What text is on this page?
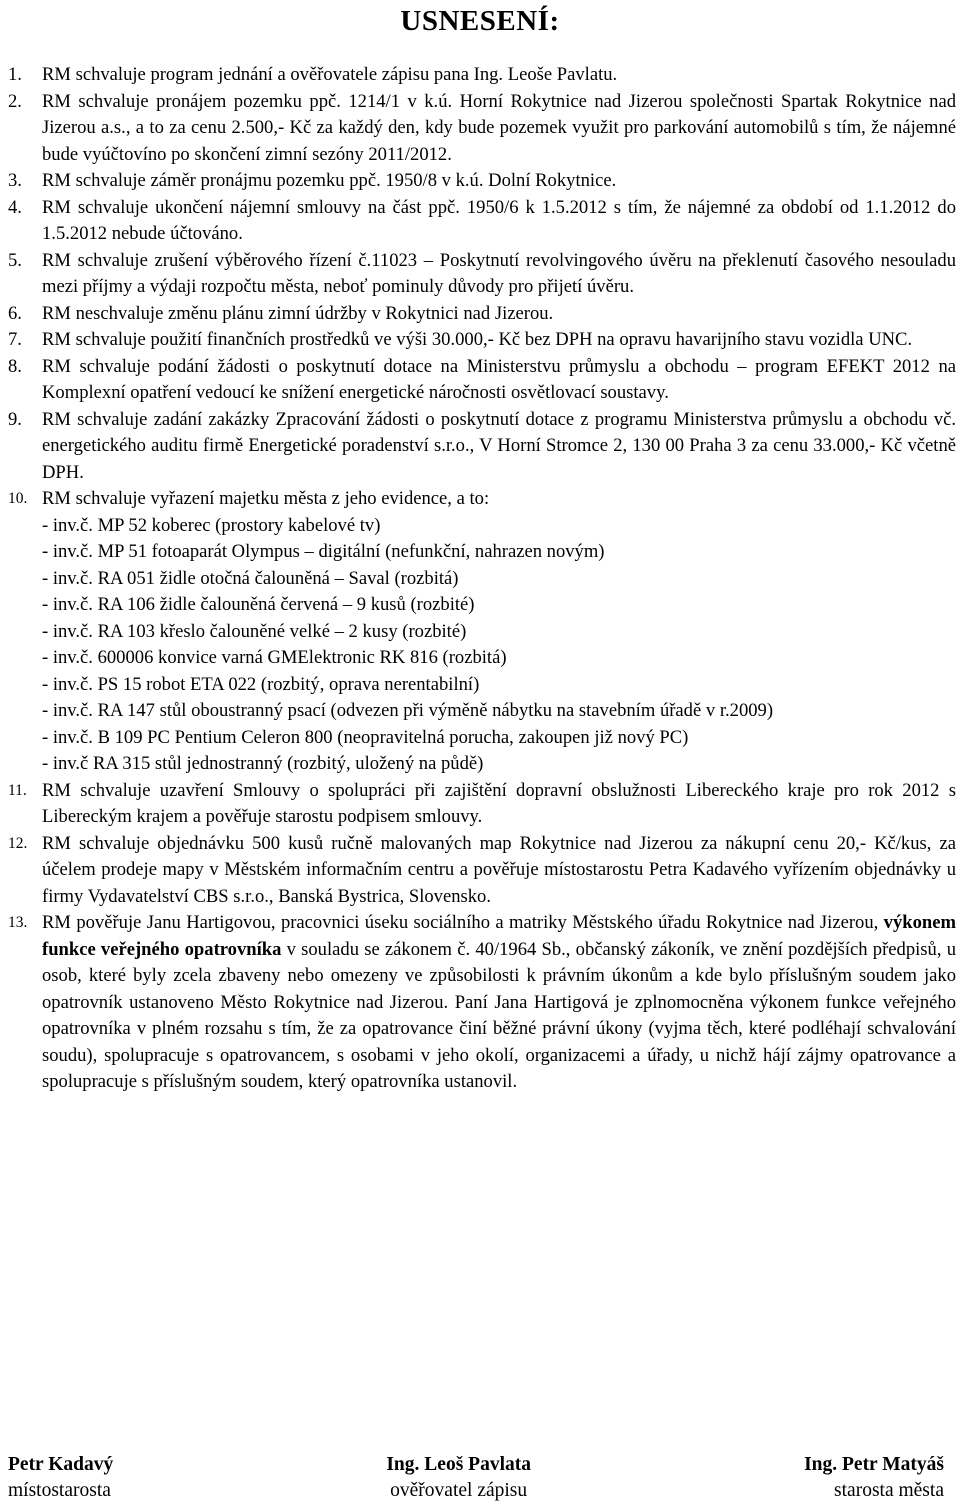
USNESENÍ:
1.	RM schvaluje program jednání a ověřovatele zápisu pana Ing. Leoše Pavlatu.
2.	RM schvaluje pronájem pozemku ppč. 1214/1 v k.ú. Horní Rokytnice nad Jizerou společnosti Spartak Rokytnice nad Jizerou a.s., a to za cenu 2.500,- Kč za každý den, kdy bude pozemek využit pro parkování automobilů s tím, že nájemné bude vyúčtovíno po skončení zimní sezóny 2011/2012.
3.	RM schvaluje záměr pronájmu pozemku ppč. 1950/8 v k.ú. Dolní Rokytnice.
4.	RM schvaluje ukončení nájemní smlouvy na část ppč. 1950/6 k 1.5.2012 s tím, že nájemné za období od 1.1.2012 do 1.5.2012 nebude účtováno.
5.	RM schvaluje zrušení výběrového řízení č.11023 – Poskytnutí revolvingového úvěru na překlenutí časového nesouladu mezi příjmy a výdaji rozpočtu města, neboť pominuly důvody pro přijetí úvěru.
6.	RM neschvaluje změnu plánu zimní údržby v Rokytnici nad Jizerou.
7.	RM schvaluje použití finančních prostředků ve výši 30.000,- Kč bez DPH na opravu havarijního stavu vozidla UNC.
8.	RM schvaluje podání žádosti o poskytnutí dotace na Ministerstvu průmyslu a obchodu – program EFEKT 2012 na Komplexní opatření vedoucí ke snížení energetické náročnosti osvětlovací soustavy.
9.	RM schvaluje zadání zakázky Zpracování žádosti o poskytnutí dotace z programu Ministerstva průmyslu a obchodu vč. energetického auditu firmě Energetické poradenství s.r.o., V Horní Stromce 2, 130 00 Praha 3 za cenu 33.000,- Kč včetně DPH.
10. RM schvaluje vyřazení majetku města z jeho evidence, a to:
- inv.č. MP 52 koberec (prostory kabelové tv)
- inv.č. MP 51 fotoaparát Olympus – digitální (nefunkční, nahrazen novým)
- inv.č. RA 051 židle otočná čalouněná – Saval (rozbitá)
- inv.č. RA 106 židle čalouněná červená – 9 kusů (rozbité)
- inv.č. RA 103 křeslo čalouněné velké – 2 kusy (rozbité)
- inv.č. 600006 konvice varná GMElektronic RK 816 (rozbitá)
- inv.č. PS 15 robot ETA 022 (rozbitý, oprava nerentabilní)
- inv.č. RA 147 stůl oboustranný psací (odvezen při výměně nábytku na stavebním úřadě v r.2009)
- inv.č. B 109 PC Pentium Celeron 800 (neopravitelná porucha, zakoupen již nový PC)
- inv.č RA 315 stůl jednostranný (rozbitý, uložený na půdě)
11. RM schvaluje uzavření Smlouvy o spolupráci při zajištění dopravní obslužnosti Libereckého kraje pro rok 2012 s Libereckým krajem a pověřuje starostu podpisem smlouvy.
12. RM schvaluje objednávku 500 kusů ručně malovaných map Rokytnice nad Jizerou za nákupní cenu 20,- Kč/kus, za účelem prodeje mapy v Městském informačním centru a pověřuje místostarostu Petra Kadavého vyřízením objednávky u firmy Vydavatelství CBS s.r.o., Banská Bystrica, Slovensko.
13. RM pověřuje Janu Hartigovou, pracovnici úseku sociálního a matriky Městského úřadu Rokytnice nad Jizerou, výkonem funkce veřejného opatrovníka v souladu se zákonem č. 40/1964 Sb., občanský zákoník, ve znění pozdějších předpisů, u osob, které byly zcela zbaveny nebo omezeny ve způsobilosti k právním úkonům a kde bylo příslušným soudem jako opatrovník ustanoveno Město Rokytnice nad Jizerou. Paní Jana Hartigová je zplnomocněna výkonem funkce veřejného opatrovníka v plném rozsahu s tím, že za opatrovance činí běžné právní úkony (vyjma těch, které podléhají schvalování soudu), spolupracuje s opatrovancem, s osobami v jeho okolí, organizacemi a úřady, u nichž hájí zájmy opatrovance a spolupracuje s příslušným soudem, který opatrovníka ustanovil.
Petr Kadavý
místostarosta
Ing. Leoš Pavlata
ověřovatel zápisu
Ing. Petr Matyáš
starosta města
